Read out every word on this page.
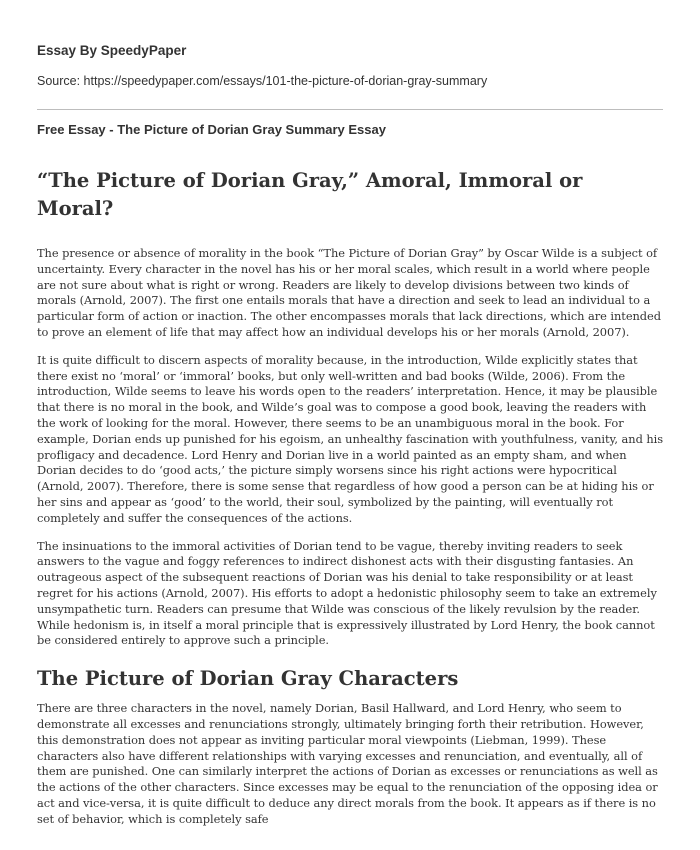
Essay By SpeedyPaper

Source: https://speedypaper.com/essays/101-the-picture-of-dorian-gray-summary

Free Essay - The Picture of Dorian Gray Summary Essay

“The Picture of Dorian Gray,” Amoral, Immoral or Moral?

The presence or absence of morality in the book “The Picture of Dorian Gray” by Oscar Wilde is a subject of uncertainty. Every character in the novel has his or her moral scales, which result in a world where people are not sure about what is right or wrong. Readers are likely to develop divisions between two kinds of morals (Arnold, 2007). The first one entails morals that have a direction and seek to lead an individual to a particular form of action or inaction. The other encompasses morals that lack directions, which are intended to prove an element of life that may affect how an individual develops his or her morals (Arnold, 2007).

It is quite difficult to discern aspects of morality because, in the introduction, Wilde explicitly states that there exist no ‘moral’ or ‘immoral’ books, but only well-written and bad books (Wilde, 2006). From the introduction, Wilde seems to leave his words open to the readers’ interpretation. Hence, it may be plausible that there is no moral in the book, and Wilde’s goal was to compose a good book, leaving the readers with the work of looking for the moral. However, there seems to be an unambiguous moral in the book. For example, Dorian ends up punished for his egoism, an unhealthy fascination with youthfulness, vanity, and his profligacy and decadence. Lord Henry and Dorian live in a world painted as an empty sham, and when Dorian decides to do ‘good acts,’ the picture simply worsens since his right actions were hypocritical (Arnold, 2007). Therefore, there is some sense that regardless of how good a person can be at hiding his or her sins and appear as ‘good’ to the world, their soul, symbolized by the painting, will eventually rot completely and suffer the consequences of the actions.

The insinuations to the immoral activities of Dorian tend to be vague, thereby inviting readers to seek answers to the vague and foggy references to indirect dishonest acts with their disgusting fantasies. An outrageous aspect of the subsequent reactions of Dorian was his denial to take responsibility or at least regret for his actions (Arnold, 2007). His efforts to adopt a hedonistic philosophy seem to take an extremely unsympathetic turn. Readers can presume that Wilde was conscious of the likely revulsion by the reader. While hedonism is, in itself a moral principle that is expressively illustrated by Lord Henry, the book cannot be considered entirely to approve such a principle.

The Picture of Dorian Gray Characters

There are three characters in the novel, namely Dorian, Basil Hallward, and Lord Henry, who seem to demonstrate all excesses and renunciations strongly, ultimately bringing forth their retribution. However, this demonstration does not appear as inviting particular moral viewpoints (Liebman, 1999). These characters also have different relationships with varying excesses and renunciation, and eventually, all of them are punished. One can similarly interpret the actions of Dorian as excesses or renunciations as well as the actions of the other characters. Since excesses may be equal to the renunciation of the opposing idea or act and vice-versa, it is quite difficult to deduce any direct morals from the book. It appears as if there is no set of behavior, which is completely safe
